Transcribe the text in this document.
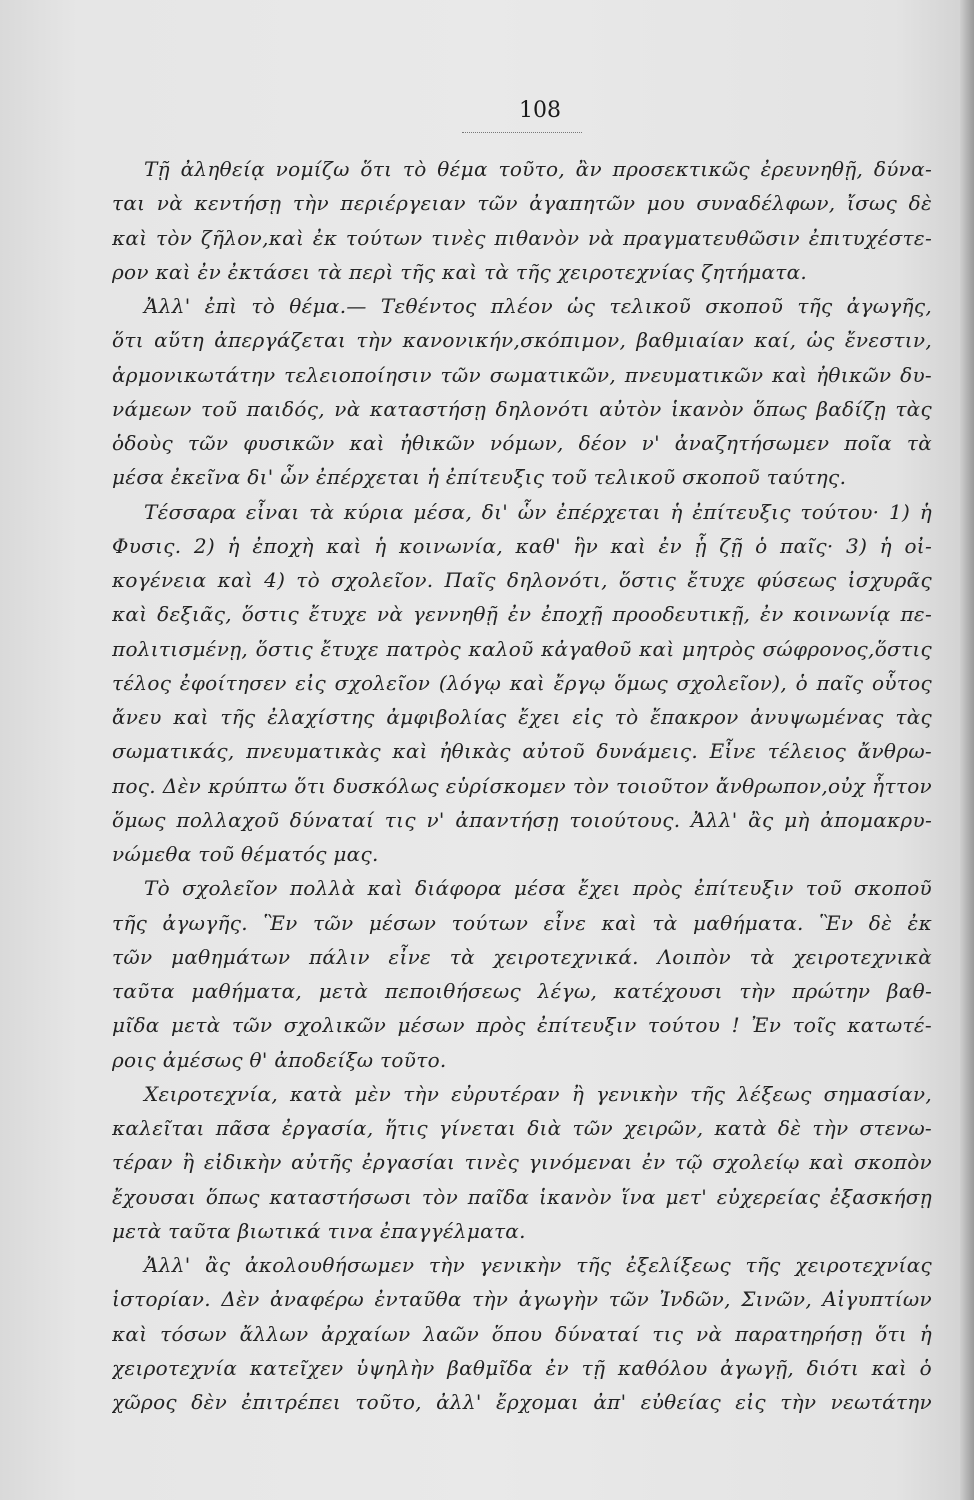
108
Τῇ ἀληθείᾳ νομίζω ὅτι τὸ θέμα τοῦτο, ἂν προσεκτικῶς ἐρευνηθῇ, δύνα-
ται νὰ κεντήσῃ τὴν περιέργειαν τῶν ἀγαπητῶν μου συναδέλφων, ἴσως δὲ
καὶ τὸν ζῆλον,καὶ ἐκ τούτων τινὲς πιθανὸν νὰ πραγματευθῶσιν ἐπιτυχέστε-
ρον καὶ ἐν ἐκτάσει τὰ περὶ τῆς καὶ τὰ τῆς χειροτεχνίας ζητήματα.
Ἀλλ' ἐπὶ τὸ θέμα.— Τεθέντος πλέον ὡς τελικοῦ σκοποῦ τῆς ἀγωγῆς,
ὅτι αὕτη ἀπεργάζεται τὴν κανονικήν,σκόπιμον, βαθμιαίαν καί, ὡς ἔνεστιν,
ἁρμονικωτάτην τελειοποίησιν τῶν σωματικῶν, πνευματικῶν καὶ ἠθικῶν δυ-
νάμεων τοῦ παιδός, νὰ καταστήσῃ δηλονότι αὐτὸν ἱκανὸν ὅπως βαδίζῃ τὰς
ὁδοὺς τῶν φυσικῶν καὶ ἠθικῶν νόμων, δέον ν' ἀναζητήσωμεν ποῖα τὰ
μέσα ἐκεῖνα δι' ὧν ἐπέρχεται ἡ ἐπίτευξις τοῦ τελικοῦ σκοποῦ ταύτης.
Τέσσαρα εἶναι τὰ κύρια μέσα, δι' ὧν ἐπέρχεται ἡ ἐπίτευξις τούτου· 1) ἡ
Φυσις. 2) ἡ ἐποχὴ καὶ ἡ κοινωνία, καθ' ἣν καὶ ἐν ᾗ ζῇ ὁ παῖς· 3) ἡ οἰ-
κογένεια καὶ 4) τὸ σχολεῖον. Παῖς δηλονότι, ὅστις ἔτυχε φύσεως ἰσχυρᾶς
καὶ δεξιᾶς, ὅστις ἔτυχε νὰ γεννηθῇ ἐν ἐποχῇ προοδευτικῇ, ἐν κοινωνίᾳ πε-
πολιτισμένῃ, ὅστις ἔτυχε πατρὸς καλοῦ κἀγαθοῦ καὶ μητρὸς σώφρονος,ὅστις
τέλος ἐφοίτησεν εἰς σχολεῖον (λόγῳ καὶ ἔργῳ ὅμως σχολεῖον), ὁ παῖς οὗτος
ἄνευ καὶ τῆς ἐλαχίστης ἀμφιβολίας ἔχει εἰς τὸ ἔπακρον ἀνυψωμένας τὰς
σωματικάς, πνευματικὰς καὶ ἠθικὰς αὐτοῦ δυνάμεις. Εἶνε τέλειος ἄνθρω-
πος. Δὲν κρύπτω ὅτι δυσκόλως εὑρίσκομεν τὸν τοιοῦτον ἄνθρωπον,οὐχ ἧττον
ὅμως πολλαχοῦ δύναταί τις ν' ἀπαντήσῃ τοιούτους. Ἀλλ' ἂς μὴ ἀπομακρυ-
νώμεθα τοῦ θέματός μας.
Τὸ σχολεῖον πολλὰ καὶ διάφορα μέσα ἔχει πρὸς ἐπίτευξιν τοῦ σκοποῦ
τῆς ἀγωγῆς. Ἓν τῶν μέσων τούτων εἶνε καὶ τὰ μαθήματα. Ἓν δὲ ἐκ
τῶν μαθημάτων πάλιν εἶνε τὰ χειροτεχνικά. Λοιπὸν τὰ χειροτεχνικὰ
ταῦτα μαθήματα, μετὰ πεποιθήσεως λέγω, κατέχουσι τὴν πρώτην βαθ-
μῖδα μετὰ τῶν σχολικῶν μέσων πρὸς ἐπίτευξιν τούτου ! Ἐν τοῖς κατωτέ-
ροις ἀμέσως θ' ἀποδείξω τοῦτο.
Χειροτεχνία, κατὰ μὲν τὴν εὐρυτέραν ἢ γενικὴν τῆς λέξεως σημασίαν,
καλεῖται πᾶσα ἐργασία, ἥτις γίνεται διὰ τῶν χειρῶν, κατὰ δὲ τὴν στενω-
τέραν ἢ εἰδικὴν αὐτῆς ἐργασίαι τινὲς γινόμεναι ἐν τῷ σχολείῳ καὶ σκοπὸν
ἔχουσαι ὅπως καταστήσωσι τὸν παῖδα ἱκανὸν ἵνα μετ' εὐχερείας ἐξασκήσῃ
μετὰ ταῦτα βιωτικά τινα ἐπαγγέλματα.
Ἀλλ' ἂς ἀκολουθήσωμεν τὴν γενικὴν τῆς ἐξελίξεως τῆς χειροτεχνίας
ἱστορίαν. Δὲν ἀναφέρω ἐνταῦθα τὴν ἀγωγὴν τῶν Ἰνδῶν, Σινῶν, Αἰγυπτίων
καὶ τόσων ἄλλων ἀρχαίων λαῶν ὅπου δύναταί τις νὰ παρατηρήσῃ ὅτι ἡ
χειροτεχνία κατεῖχεν ὑψηλὴν βαθμῖδα ἐν τῇ καθόλου ἀγωγῇ, διότι καὶ ὁ
χῶρος δὲν ἐπιτρέπει τοῦτο, ἀλλ' ἔρχομαι ἀπ' εὐθείας εἰς τὴν νεωτάτην
